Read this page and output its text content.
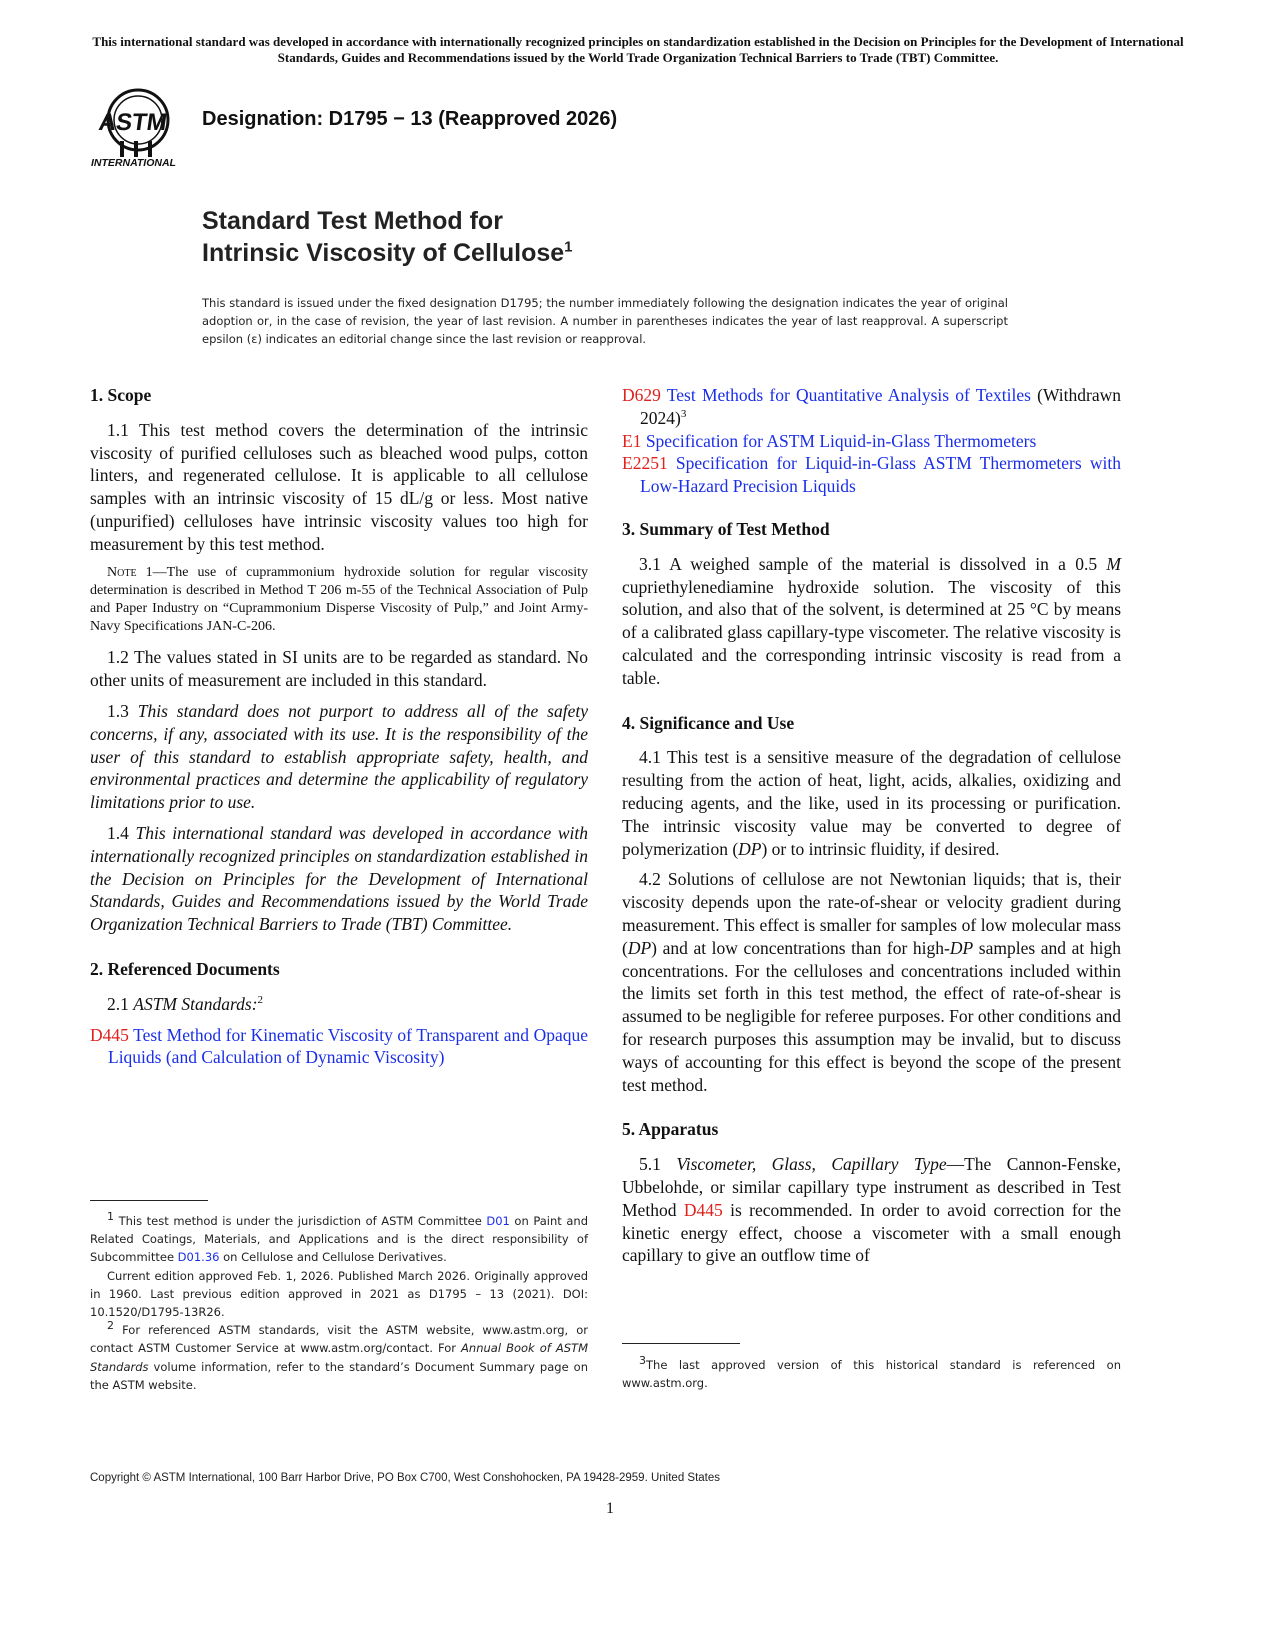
This international standard was developed in accordance with internationally recognized principles on standardization established in the Decision on Principles for the Development of International Standards, Guides and Recommendations issued by the World Trade Organization Technical Barriers to Trade (TBT) Committee.
ASTM
INTERNATIONAL
Designation: D1795 − 13 (Reapproved 2026)
Standard Test Method for
Intrinsic Viscosity of Cellulose$^1$
This standard is issued under the fixed designation D1795; the number immediately following the designation indicates the year of original adoption or, in the case of revision, the year of last revision. A number in parentheses indicates the year of last reapproval. A superscript epsilon (ε) indicates an editorial change since the last revision or reapproval.
1. Scope
1.1 This test method covers the determination of the intrinsic viscosity of purified celluloses such as bleached wood pulps, cotton linters, and regenerated cellulose. It is applicable to all cellulose samples with an intrinsic viscosity of 15 dL/g or less. Most native (unpurified) celluloses have intrinsic viscosity values too high for measurement by this test method.
Note 1—The use of cuprammonium hydroxide solution for regular viscosity determination is described in Method T 206 m-55 of the Technical Association of Pulp and Paper Industry on “Cuprammonium Disperse Viscosity of Pulp,” and Joint Army-Navy Specifications JAN-C-206.
1.2 The values stated in SI units are to be regarded as standard. No other units of measurement are included in this standard.
1.3 This standard does not purport to address all of the safety concerns, if any, associated with its use. It is the responsibility of the user of this standard to establish appropriate safety, health, and environmental practices and determine the applicability of regulatory limitations prior to use.
1.4 This international standard was developed in accordance with internationally recognized principles on standardization established in the Decision on Principles for the Development of International Standards, Guides and Recommendations issued by the World Trade Organization Technical Barriers to Trade (TBT) Committee.
2. Referenced Documents
2.1 ASTM Standards:$^2$
D445 Test Method for Kinematic Viscosity of Transparent and Opaque Liquids (and Calculation of Dynamic Viscosity)

$^1$ This test method is under the jurisdiction of ASTM Committee D01 on Paint and Related Coatings, Materials, and Applications and is the direct responsibility of Subcommittee D01.36 on Cellulose and Cellulose Derivatives.

Current edition approved Feb. 1, 2026. Published March 2026. Originally approved in 1960. Last previous edition approved in 2021 as D1795 – 13 (2021). DOI: 10.1520/D1795-13R26.

$^2$ For referenced ASTM standards, visit the ASTM website, www.astm.org, or contact ASTM Customer Service at www.astm.org/contact. For Annual Book of ASTM Standards volume information, refer to the standard’s Document Summary page on the ASTM website.

D629 Test Methods for Quantitative Analysis of Textiles (Withdrawn 2024)$^3$
E1 Specification for ASTM Liquid-in-Glass Thermometers
E2251 Specification for Liquid-in-Glass ASTM Thermometers with Low-Hazard Precision Liquids
3. Summary of Test Method
3.1 A weighed sample of the material is dissolved in a 0.5 M cupriethylenediamine hydroxide solution. The viscosity of this solution, and also that of the solvent, is determined at 25 °C by means of a calibrated glass capillary-type viscometer. The relative viscosity is calculated and the corresponding intrinsic viscosity is read from a table.
4. Significance and Use
4.1 This test is a sensitive measure of the degradation of cellulose resulting from the action of heat, light, acids, alkalies, oxidizing and reducing agents, and the like, used in its processing or purification. The intrinsic viscosity value may be converted to degree of polymerization (DP) or to intrinsic fluidity, if desired.
4.2 Solutions of cellulose are not Newtonian liquids; that is, their viscosity depends upon the rate-of-shear or velocity gradient during measurement. This effect is smaller for samples of low molecular mass (DP) and at low concentrations than for high-DP samples and at high concentrations. For the celluloses and concentrations included within the limits set forth in this test method, the effect of rate-of-shear is assumed to be negligible for referee purposes. For other conditions and for research purposes this assumption may be invalid, but to discuss ways of accounting for this effect is beyond the scope of the present test method.
5. Apparatus
5.1 Viscometer, Glass, Capillary Type—The Cannon-Fenske, Ubbelohde, or similar capillary type instrument as described in Test Method D445 is recommended. In order to avoid correction for the kinetic energy effect, choose a viscometer with a small enough capillary to give an outflow time of

$^3$The last approved version of this historical standard is referenced on www.astm.org.

Copyright © ASTM International, 100 Barr Harbor Drive, PO Box C700, West Conshohocken, PA 19428-2959. United States
1
